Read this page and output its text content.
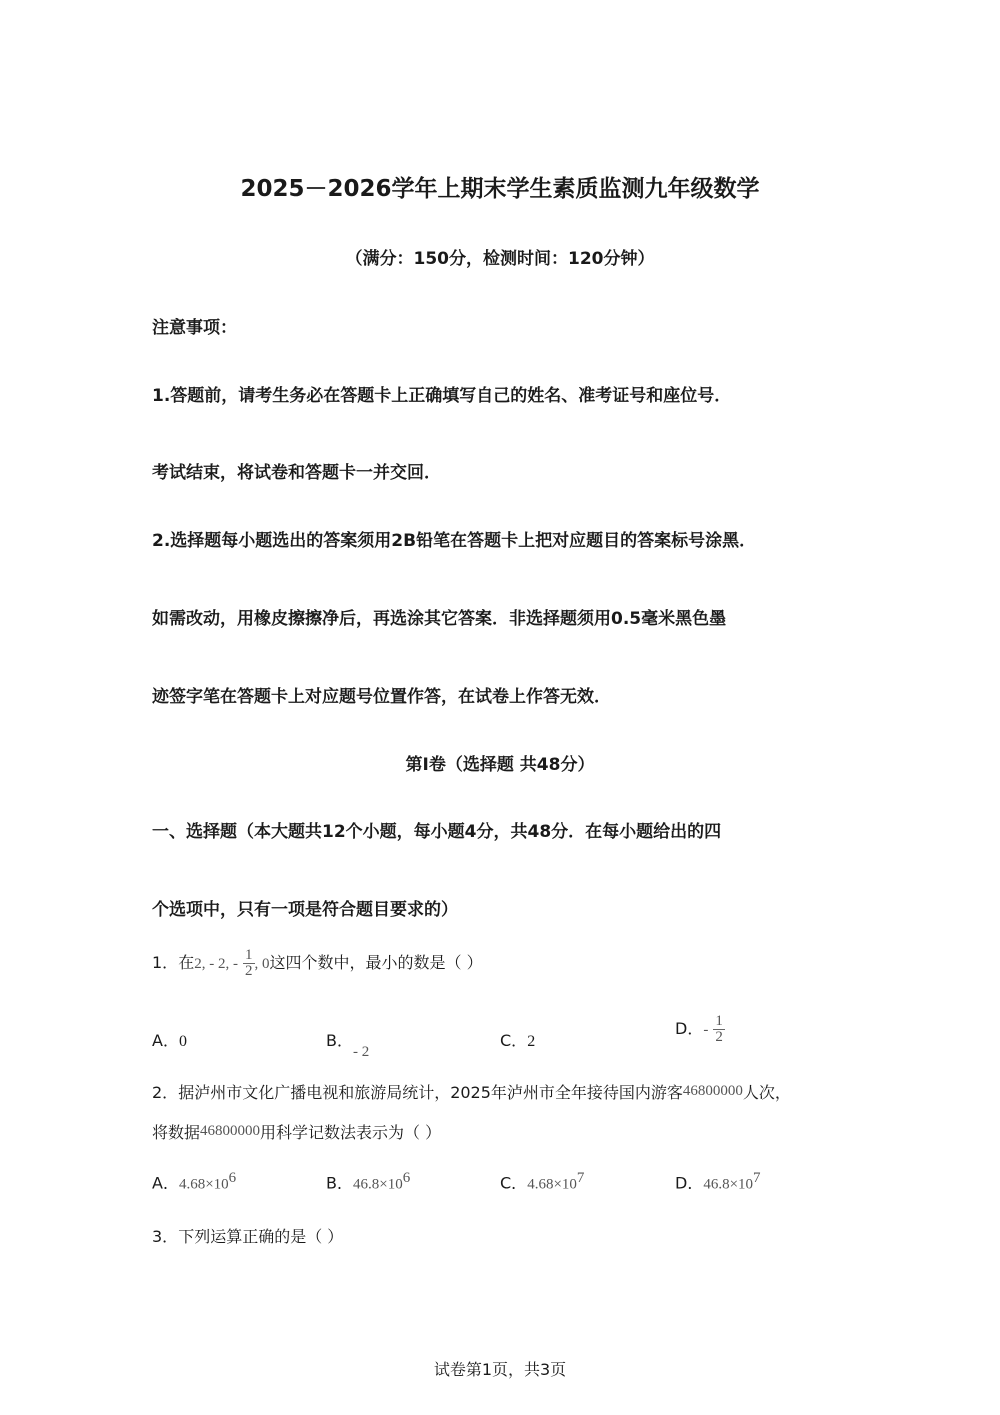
2025－2026学年上期末学生素质监测九年级数学
（满分：150分，检测时间：120分钟）
注意事项：
1.答题前，请考生务必在答题卡上正确填写自己的姓名、准考证号和座位号．
考试结束，将试卷和答题卡一并交回．
2.选择题每小题选出的答案须用2B铅笔在答题卡上把对应题目的答案标号涂黑．
如需改动，用橡皮擦擦净后，再选涂其它答案．非选择题须用0.5毫米黑色墨
迹签字笔在答题卡上对应题号位置作答，在试卷上作答无效．
第Ⅰ卷（选择题 共48分）
一、选择题（本大题共12个小题，每小题4分，共48分．在每小题给出的四
个选项中，只有一项是符合题目要求的）
1．在2, - 2, - $\frac{1}{2}$ , 0这四个数中，最小的数是（ ）
A．0	B．- 2
C．2
D．- $\frac{1}{2}$
2．据泸州市文化广播电视和旅游局统计，2025年泸州市全年接待国内游客46800000人次，
将数据46800000用科学记数法表示为（ ）
A．$4.68\times 10^6$	B．$46.8\times 10^6$	C．$4.68\times 10^7$	D．$46.8\times 10^7$
3．下列运算正确的是（ ）
试卷第1页，共3页
